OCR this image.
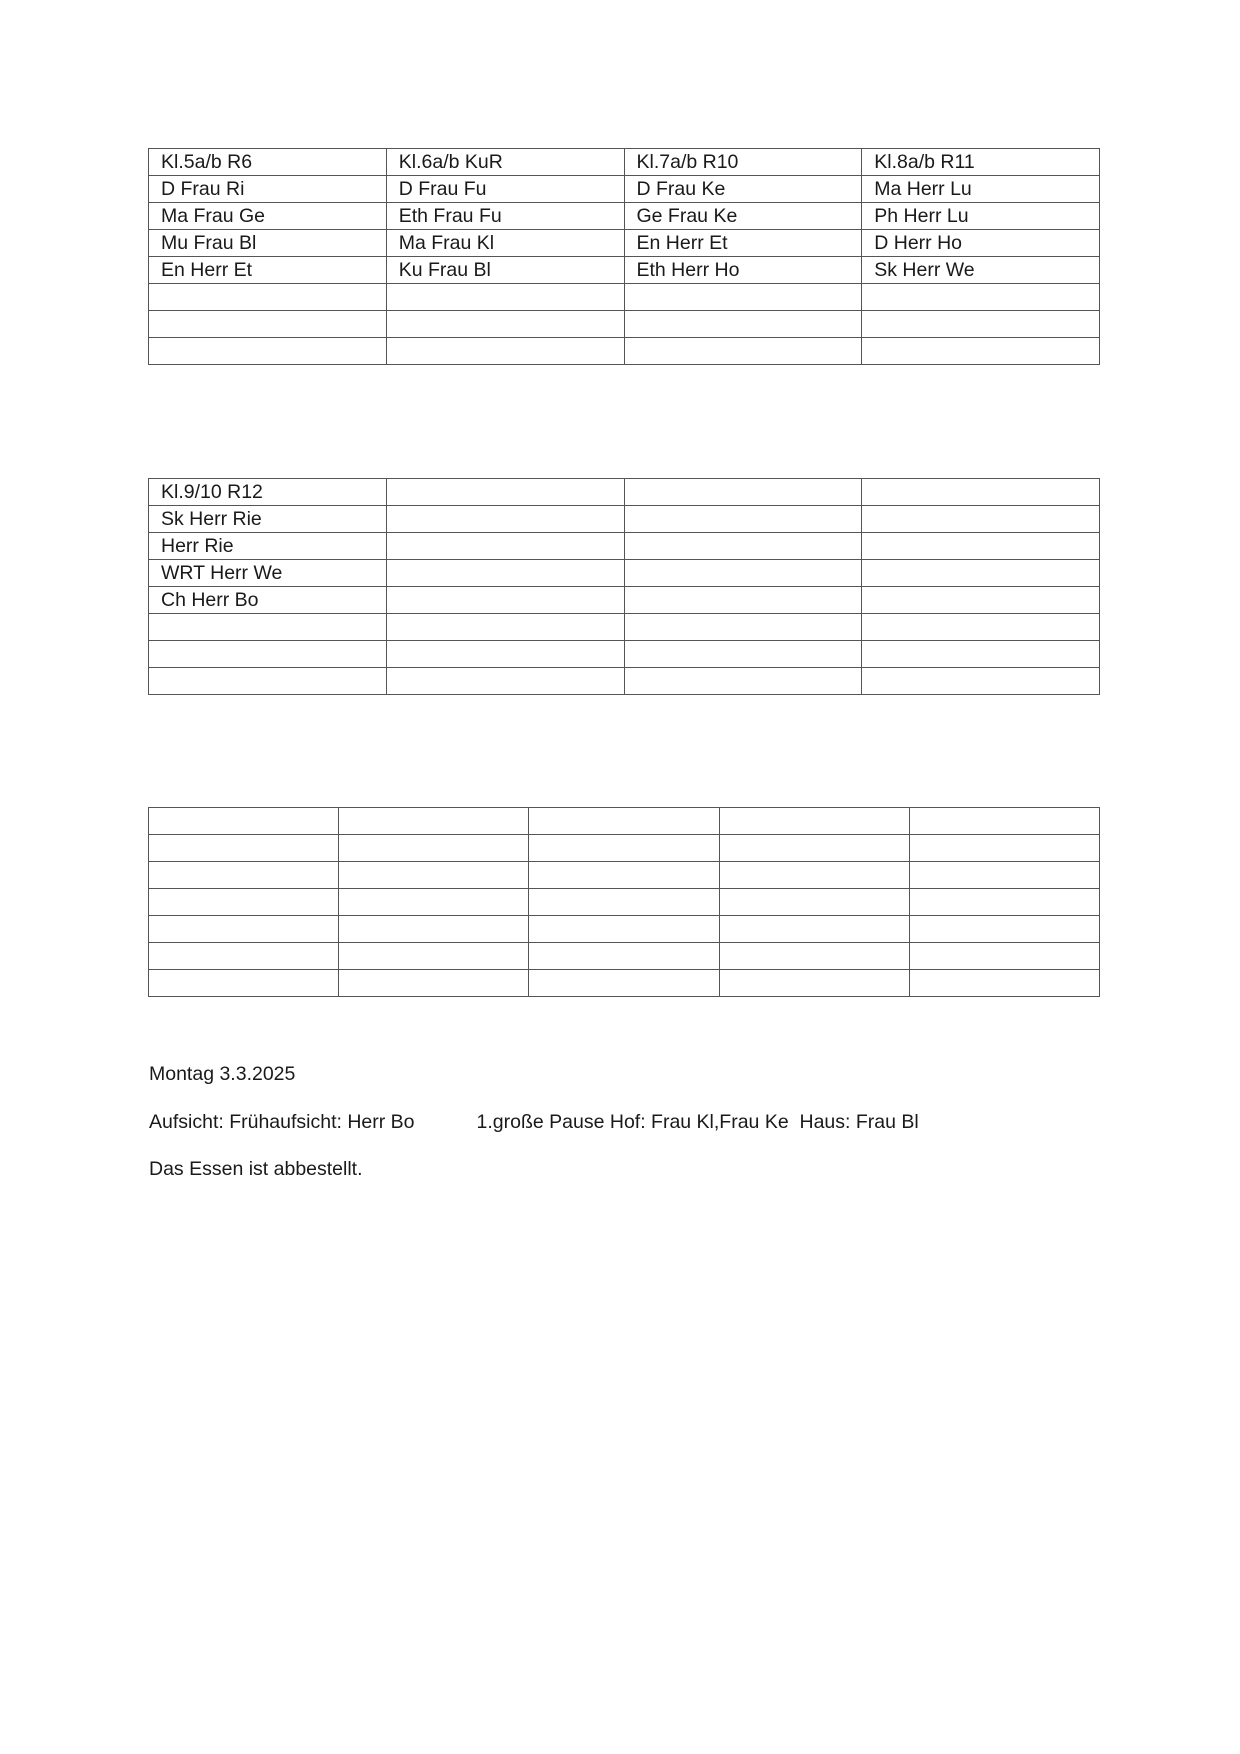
Kl.5a/b R6	Kl.6a/b KuR	Kl.7a/b R10	Kl.8a/b R11
D Frau Ri	D Frau Fu	D Frau Ke	Ma Herr Lu
Ma Frau Ge	Eth Frau Fu	Ge Frau Ke	Ph Herr Lu
Mu Frau Bl	Ma Frau Kl	En Herr Et	D Herr Ho
En Herr Et	Ku Frau Bl	Eth Herr Ho	Sk Herr We

Kl.9/10 R12			
Sk Herr Rie			
Herr Rie			
WRT Herr We			
Ch Herr Bo			

Montag 3.3.2025

Aufsicht: Frühaufsicht: Herr Bo	1.große Pause Hof: Frau Kl,Frau Ke  Haus: Frau Bl

Das Essen ist abbestellt.
